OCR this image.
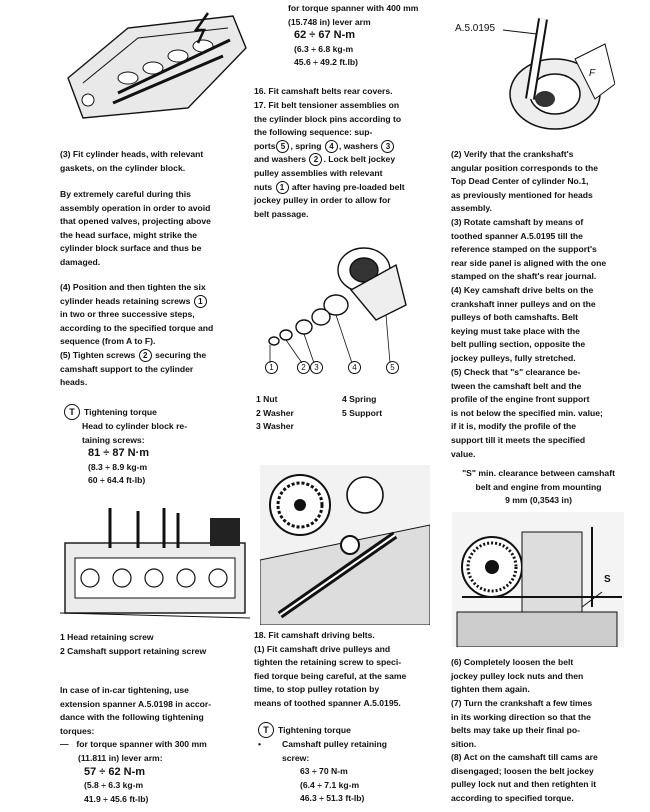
(3) Fit cylinder heads, with relevant
gaskets, on the cylinder block.
By extremely careful during this
assembly operation in order to avoid
that opened valves, projecting above
the head surface, might strike the
cylinder block surface and thus be
damaged.
(4) Position and then tighten the six
cylinder heads retaining screws 1
in two or three successive steps,
according to the specified torque and
sequence (from A to F).
(5) Tighten screws 2 securing the
camshaft support to the cylinder
heads.
T Tightening torque
Head to cylinder block re-
taining screws:
81 ÷ 87 N·m
(8.3 ÷ 8.9 kg-m
60 ÷ 64.4 ft-lb)
1 Head retaining screw
2 Camshaft support retaining screw
In case of in-car tightening, use
extension spanner A.5.0198 in accor-
dance with the following tightening
torques:
— for torque spanner with 300 mm
(11.811 in) lever arm:
57 ÷ 62 N-m
(5.8 ÷ 6.3 kg-m
41.9 ÷ 45.6 ft-lb)
for torque spanner with 400 mm
(15.748 in) lever arm
62 ÷ 67 N-m
(6.3 ÷ 6.8 kg-m
45.6 ÷ 49.2 ft.lb)
16. Fit camshaft belts rear covers.
17. Fit belt tensioner assemblies on
the cylinder block pins according to
the following sequence: sup-
ports 5 , spring 4 , washers 3
and washers 2 . Lock belt jockey
pulley assemblies with relevant
nuts 1 after having pre-loaded belt
jockey pulley in order to allow for
belt passage.
1	2	3	4	5
1 Nut	4 Spring
2 Washer	5 Support
3 Washer
18. Fit camshaft driving belts.
(1) Fit camshaft drive pulleys and
tighten the retaining screw to speci-
fied torque being careful, at the same
time, to stop pulley rotation by
means of toothed spanner A.5.0195.
T Tightening torque
• Camshaft pulley retaining
screw:
63 ÷ 70 N-m
(6.4 ÷ 7.1 kg-m
46.3 ÷ 51.3 ft-lb)
A.5.0195
F
(2) Verify that the crankshaft's
angular position corresponds to the
Top Dead Center of cylinder No.1,
as previously mentioned for heads
assembly.
(3) Rotate camshaft by means of
toothed spanner A.5.0195 till the
reference stamped on the support's
rear side panel is aligned with the one
stamped on the shaft's rear journal.
(4) Key camshaft drive belts on the
crankshaft inner pulleys and on the
pulleys of both camshafts. Belt
keying must take place with the
belt pulling section, opposite the
jockey pulleys, fully stretched.
(5) Check that "s" clearance be-
tween the camshaft belt and the
profile of the engine front support
is not below the specified min. value;
if it is, modify the profile of the
support till it meets the specified
value.
"S" min. clearance between camshaft
belt and engine from mounting
9 mm (0,3543 in)
S
(6) Completely loosen the belt
jockey pulley lock nuts and then
tighten them again.
(7) Turn the crankshaft a few times
in its working direction so that the
belts may take up their final po-
sition.
(8) Act on the camshaft till cams are
disengaged; loosen the belt jockey
pulley lock nut and then retighten it
according to specified torque.
